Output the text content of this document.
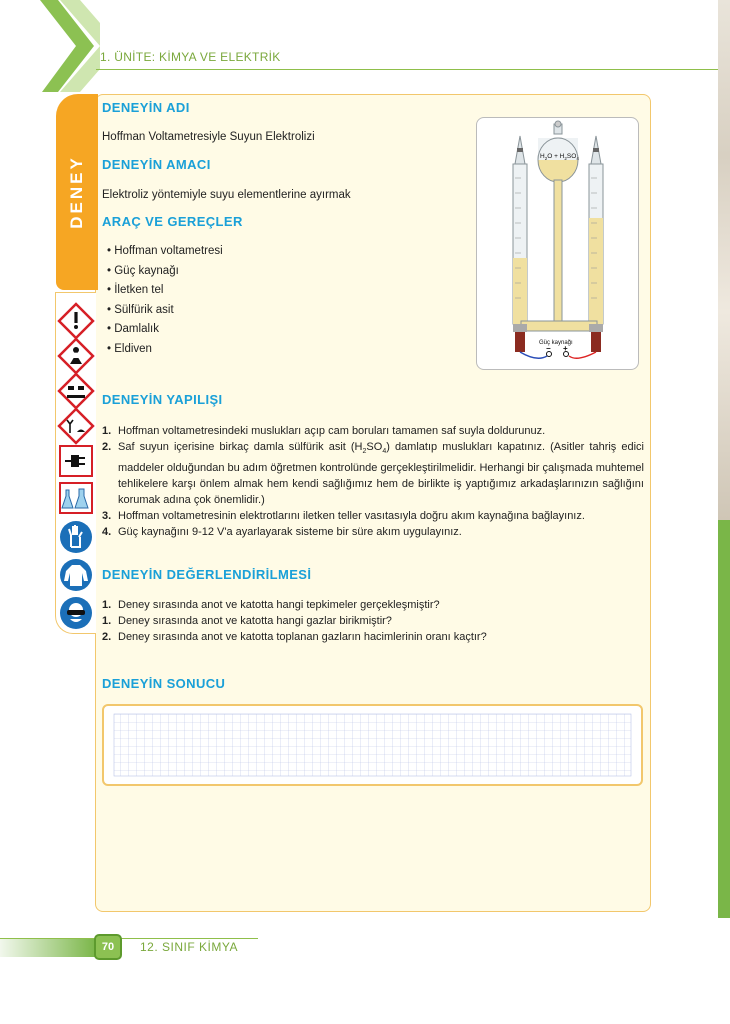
1. ÜNİTE: KİMYA VE ELEKTRİK
DENEY
DENEYİN ADI
Hoffman Voltametresiyle Suyun Elektrolizi
DENEYİN AMACI
Elektroliz yöntemiyle suyu elementlerine ayırmak
ARAÇ VE GEREÇLER
• Hoffman voltametresi
• Güç kaynağı
• İletken tel
• Sülfürik asit
• Damlalık
• Eldiven
$H_2O + H_2SO_4$
Güç kaynağı
− +
DENEYİN YAPILIŞI
1. Hoffman voltametresindeki muslukları açıp cam boruları tamamen saf suyla doldurunuz.
2. Saf suyun içerisine birkaç damla sülfürik asit $(H_2SO_4)$ damlatıp muslukları kapatınız. (Asitler tahriş edici maddeler olduğundan bu adım öğretmen kontrolünde gerçekleştirilmelidir. Herhangi bir çalışmada muhtemel tehlikelere karşı önlem almak hem kendi sağlığımız hem de birlikte iş yaptığımız arkadaşlarınızın sağlığını korumak adına çok önemlidir.)
3. Hoffman voltametresinin elektrotlarını iletken teller vasıtasıyla doğru akım kaynağına bağlayınız.
4. Güç kaynağını 9-12 V'a ayarlayarak sisteme bir süre akım uygulayınız.
DENEYİN DEĞERLENDİRİLMESİ
1. Deney sırasında anot ve katotta hangi tepkimeler gerçekleşmiştir?
1. Deney sırasında anot ve katotta hangi gazlar birikmiştir?
2. Deney sırasında anot ve katotta toplanan gazların hacimlerinin oranı kaçtır?
DENEYİN SONUCU
70	12. SINIF KİMYA
